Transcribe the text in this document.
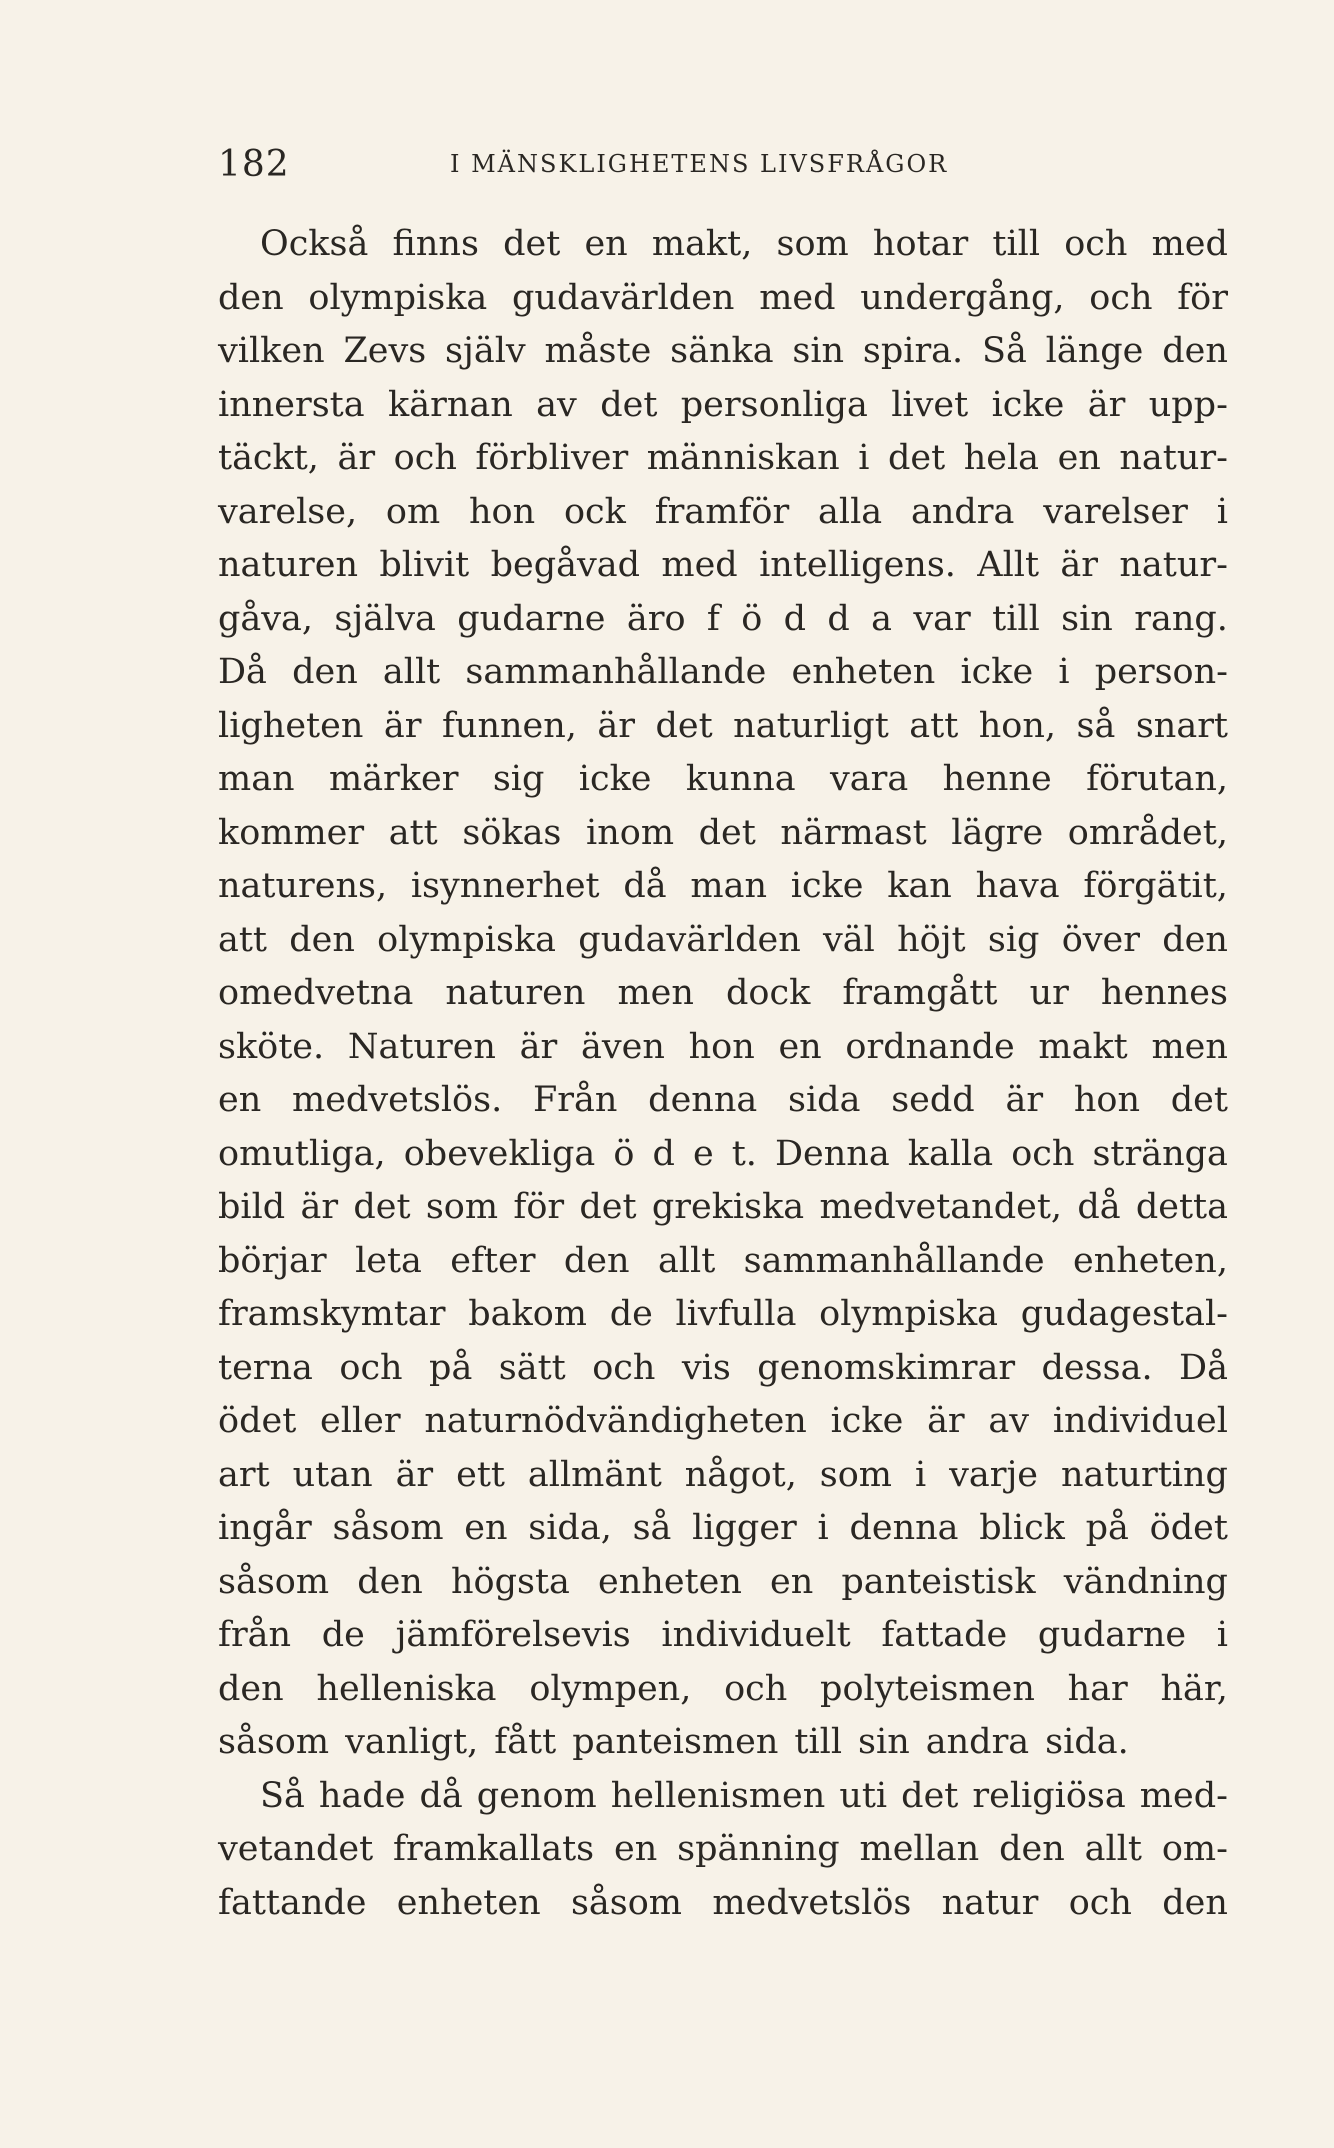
182	I MÄNSKLIGHETENS LIVSFRÅGOR
Också finns det en makt, som hotar till och med
den olympiska gudavärlden med undergång, och för
vilken Zevs själv måste sänka sin spira. Så länge den
innersta kärnan av det personliga livet icke är upp-
täckt, är och förbliver människan i det hela en natur-
varelse, om hon ock framför alla andra varelser i
naturen blivit begåvad med intelligens. Allt är natur-
gåva, själva gudarne äro f ö d d a var till sin rang.
Då den allt sammanhållande enheten icke i person-
ligheten är funnen, är det naturligt att hon, så snart
man märker sig icke kunna vara henne förutan,
kommer att sökas inom det närmast lägre området,
naturens, isynnerhet då man icke kan hava förgätit,
att den olympiska gudavärlden väl höjt sig över den
omedvetna naturen men dock framgått ur hennes
sköte. Naturen är även hon en ordnande makt men
en medvetslös. Från denna sida sedd är hon det
omutliga, obevekliga ö d e t. Denna kalla och stränga
bild är det som för det grekiska medvetandet, då detta
börjar leta efter den allt sammanhållande enheten,
framskymtar bakom de livfulla olympiska gudagestal-
terna och på sätt och vis genomskimrar dessa. Då
ödet eller naturnödvändigheten icke är av individuel
art utan är ett allmänt något, som i varje naturting
ingår såsom en sida, så ligger i denna blick på ödet
såsom den högsta enheten en panteistisk vändning
från de jämförelsevis individuelt fattade gudarne i
den helleniska olympen, och polyteismen har här,
såsom vanligt, fått panteismen till sin andra sida.
Så hade då genom hellenismen uti det religiösa med-
vetandet framkallats en spänning mellan den allt om-
fattande enheten såsom medvetslös natur och den
